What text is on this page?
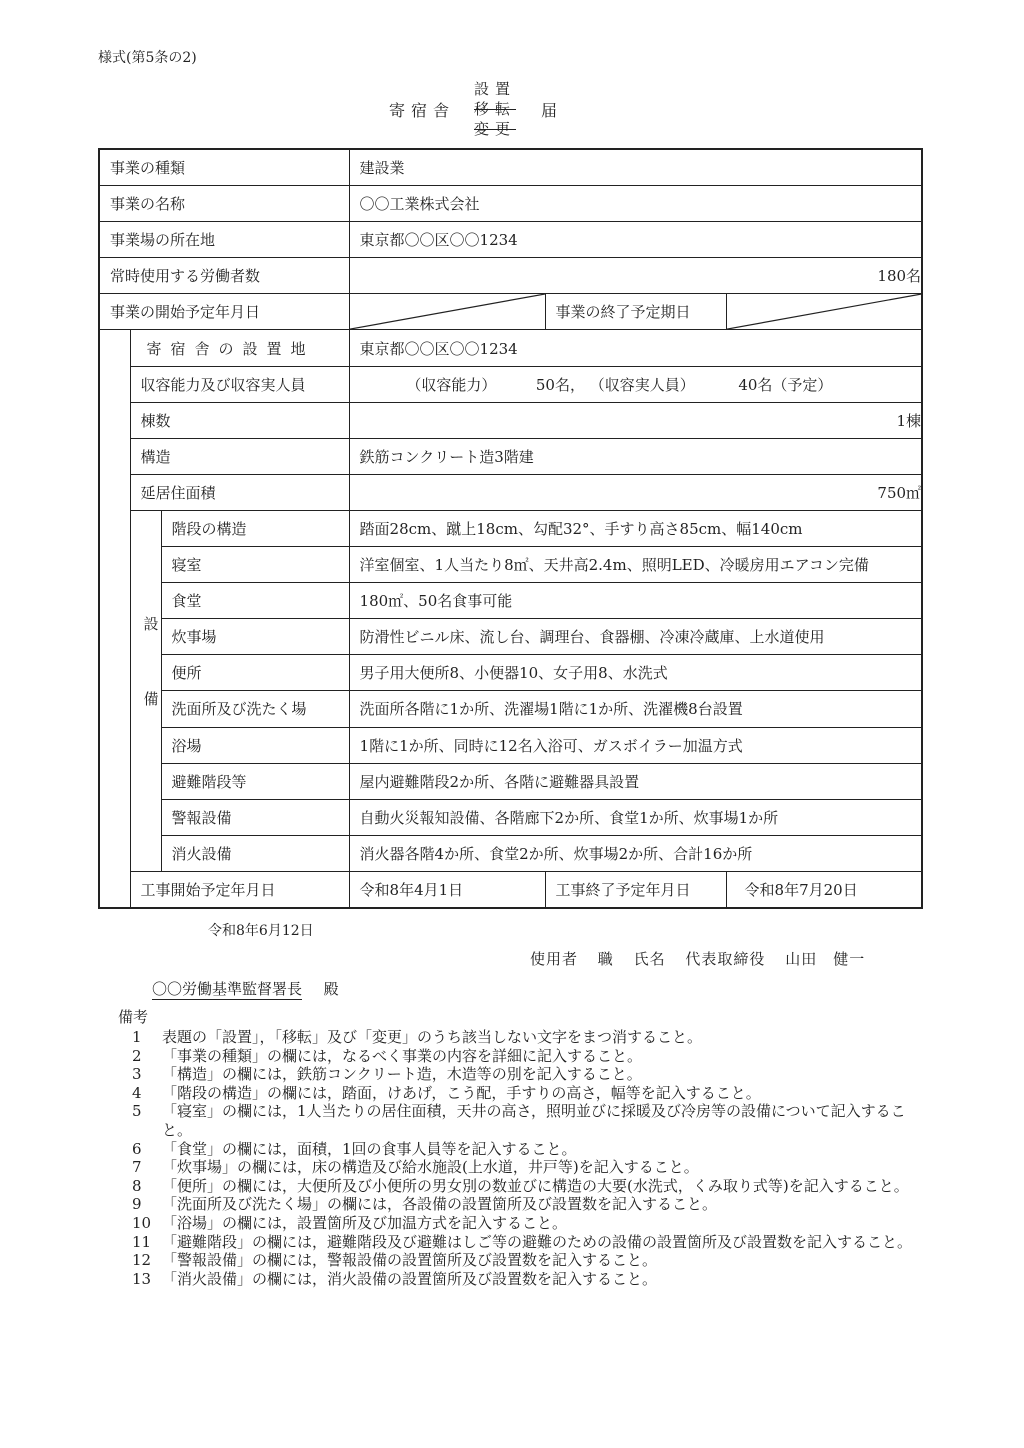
様式(第5条の2)
寄宿舎
設置
移転
変更
届
事業の種類			建設業		
事業の名称			〇〇工業株式会社		
事業場の所在地			東京都〇〇区〇〇1234		
常時使用する労働者数			180名		
事業の開始予定年月日				事業の終了予定期日	

	寄宿舎の設置地		東京都〇〇区〇〇1234		
	収容能力及び収容実人員		（収容能力） 50名， （収容実人員） 40名（予定）		
	棟数		1棟		
	構造		鉄筋コンクリート造3階建		
	延居住面積		750㎡		

	設備	階段の構造	踏面28cm、蹴上18cm、勾配32°、手すり高さ85cm、幅140cm		
		寝室	洋室個室、1人当たり8㎡、天井高2.4m、照明LED、冷暖房用エアコン完備		
		食堂	180㎡、50名食事可能		
		炊事場	防滑性ビニル床、流し台、調理台、食器棚、冷凍冷蔵庫、上水道使用		
		便所	男子用大便所8、小便器10、女子用8、水洗式		
		洗面所及び洗たく場	洗面所各階に1か所、洗濯場1階に1か所、洗濯機8台設置		
		浴場	1階に1か所、同時に12名入浴可、ガスボイラー加温方式		
		避難階段等	屋内避難階段2か所、各階に避難器具設置		
		警報設備	自動火災報知設備、各階廊下2か所、食堂1か所、炊事場1か所		
		消火設備	消火器各階4か所、食堂2か所、炊事場2か所、合計16か所		
	工事開始予定年月日		令和8年4月1日	工事終了予定年月日	令和8年7月20日
令和8年6月12日
使用者 職 氏名 代表取締役 山田　健一
〇〇労働基準監督署長 殿
備考
1 表題の「設置」，「移転」及び「変更」のうち該当しない文字をまつ消すること。
2 「事業の種類」の欄には，なるべく事業の内容を詳細に記入すること。
3 「構造」の欄には，鉄筋コンクリート造，木造等の別を記入すること。
4 「階段の構造」の欄には，踏面，けあげ，こう配，手すりの高さ，幅等を記入すること。
5 「寝室」の欄には，1人当たりの居住面積，天井の高さ，照明並びに採暖及び冷房等の設備について記入すること。
6 「食堂」の欄には，面積，1回の食事人員等を記入すること。
7 「炊事場」の欄には，床の構造及び給水施設(上水道，井戸等)を記入すること。
8 「便所」の欄には，大便所及び小便所の男女別の数並びに構造の大要(水洗式，くみ取り式等)を記入すること。
9 「洗面所及び洗たく場」の欄には，各設備の設置箇所及び設置数を記入すること。
10 「浴場」の欄には，設置箇所及び加温方式を記入すること。
11 「避難階段」の欄には，避難階段及び避難はしご等の避難のための設備の設置箇所及び設置数を記入すること。
12 「警報設備」の欄には，警報設備の設置箇所及び設置数を記入すること。
13 「消火設備」の欄には，消火設備の設置箇所及び設置数を記入すること。
